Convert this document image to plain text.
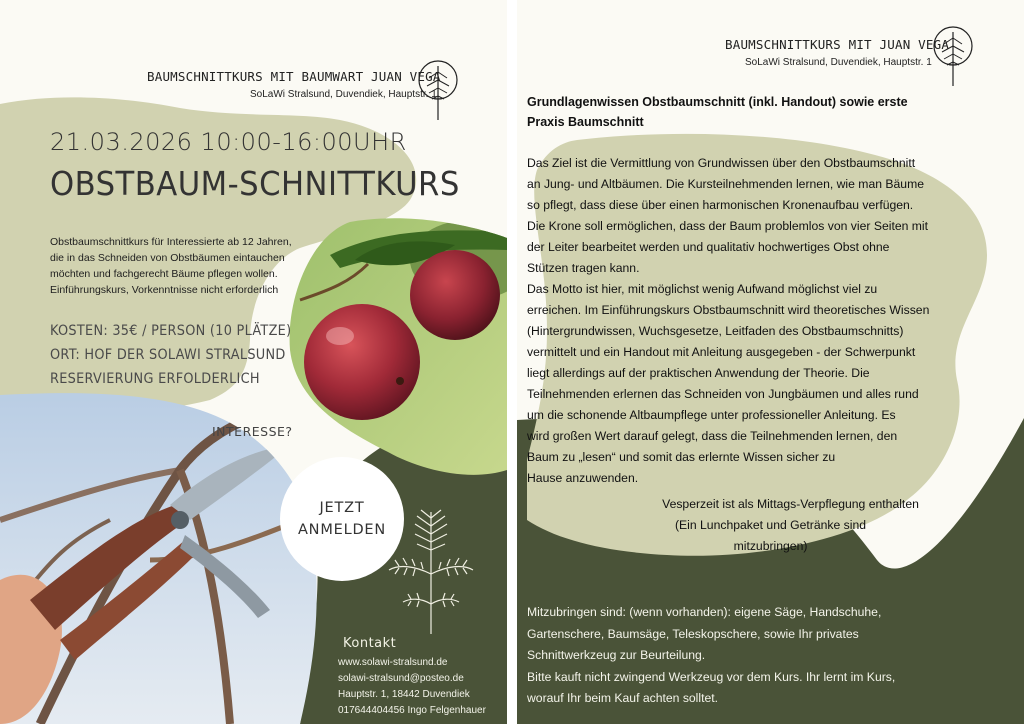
BAUMSCHNITTKURS MIT BAUMWART JUAN VEGA
SoLaWi Stralsund, Duvendiek, Hauptstr. 1
21.03.2026 10:00-16:00UHR
OBSTBAUM-SCHNITTKURS
Obstbaumschnittkurs für Interessierte ab 12 Jahren,
die in das Schneiden von Obstbäumen eintauchen
möchten und fachgerecht Bäume pflegen wollen.
Einführungskurs, Vorkenntnisse nicht erforderlich
KOSTEN: 35€ / PERSON (10 PLÄTZE)
ORT: HOF DER SOLAWI STRALSUND
RESERVIERUNG ERFOLDERLICH
INTERESSE?
JETZT
ANMELDEN
Kontakt
www.solawi-stralsund.de
solawi-stralsund@posteo.de
Hauptstr. 1, 18442 Duvendiek
017644404456 Ingo Felgenhauer
BAUMSCHNITTKURS MIT JUAN VEGA
SoLaWi Stralsund, Duvendiek, Hauptstr. 1
Grundlagenwissen Obstbaumschnitt (inkl. Handout) sowie erste
Praxis Baumschnitt
Das Ziel ist die Vermittlung von Grundwissen über den Obstbaumschnitt
an Jung- und Altbäumen. Die Kursteilnehmenden lernen, wie man Bäume
so pflegt, dass diese über einen harmonischen Kronenaufbau verfügen.
Die Krone soll ermöglichen, dass der Baum problemlos von vier Seiten mit
der Leiter bearbeitet werden und qualitativ hochwertiges Obst ohne
Stützen tragen kann.
Das Motto ist hier, mit möglichst wenig Aufwand möglichst viel zu
erreichen. Im Einführungskurs Obstbaumschnitt wird theoretisches Wissen
(Hintergrundwissen, Wuchsgesetze, Leitfaden des Obstbaumschnitts)
vermittelt und ein Handout mit Anleitung ausgegeben - der Schwerpunkt
liegt allerdings auf der praktischen Anwendung der Theorie. Die
Teilnehmenden erlernen das Schneiden von Jungbäumen und alles rund
um die schonende Altbaumpflege unter professioneller Anleitung. Es
wird großen Wert darauf gelegt, dass die Teilnehmenden lernen, den
Baum zu „lesen“ und somit das erlernte Wissen sicher zu
Hause anzuwenden.
Vesperzeit ist als Mittags-Verpflegung enthalten
(Ein Lunchpaket und Getränke sind
mitzubringen)
Mitzubringen sind: (wenn vorhanden): eigene Säge, Handschuhe,
Gartenschere, Baumsäge, Teleskopschere, sowie Ihr privates
Schnittwerkzeug zur Beurteilung.
Bitte kauft nicht zwingend Werkzeug vor dem Kurs. Ihr lernt im Kurs,
worauf Ihr beim Kauf achten solltet.
